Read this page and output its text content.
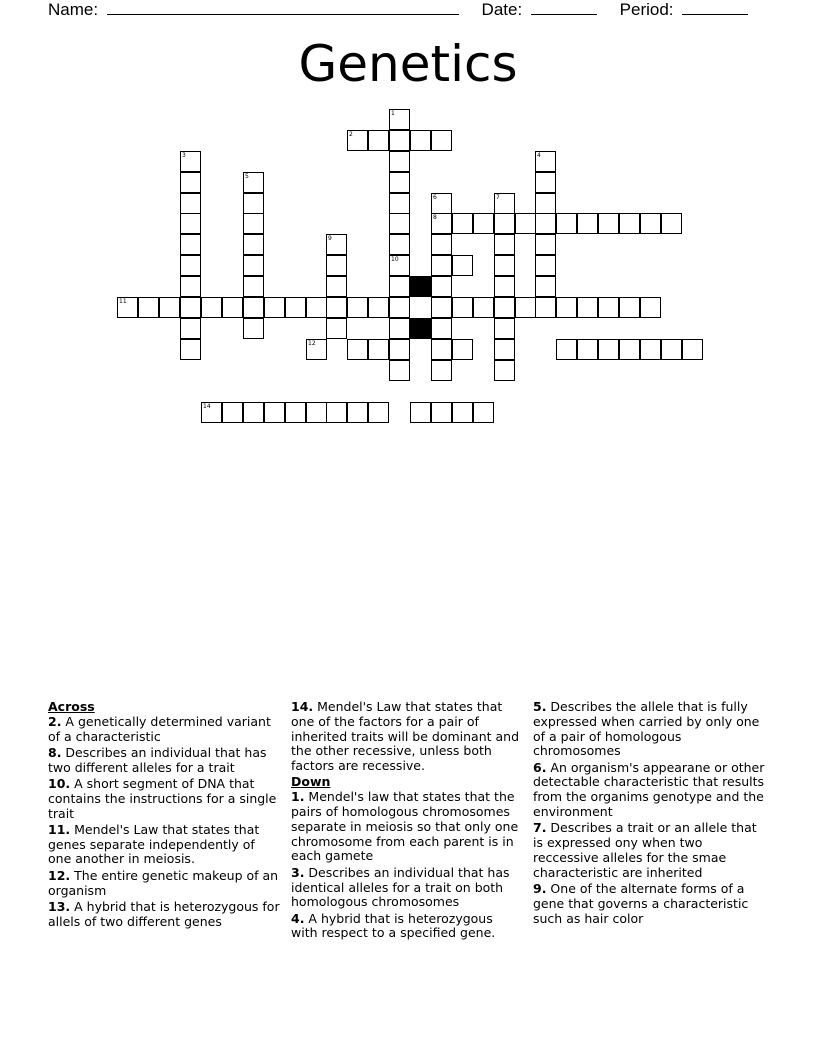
Name:	Date:	Period:
Genetics
1
10
2
3	4
5
6
8
7
9
11
12
14
Across
2. A genetically determined variant of a characteristic
8. Describes an individual that has two different alleles for a trait
10. A short segment of DNA that contains the instructions for a single trait
11. Mendel's Law that states that genes separate independently of one another in meiosis.
12. The entire genetic makeup of an organism
13. A hybrid that is heterozygous for allels of two different genes
14. Mendel's Law that states that one of the factors for a pair of inherited traits will be dominant and the other recessive, unless both factors are recessive.
Down
1. Mendel's law that states that the pairs of homologous chromosomes separate in meiosis so that only one chromosome from each parent is in each gamete
3. Describes an individual that has identical alleles for a trait on both homologous chromosomes
4. A hybrid that is heterozygous with respect to a specified gene.
5. Describes the allele that is fully expressed when carried by only one of a pair of homologous chromosomes
6. An organism's appearane or other detectable characteristic that results from the organims genotype and the environment
7. Describes a trait or an allele that is expressed ony when two reccessive alleles for the smae characteristic are inherited
9. One of the alternate forms of a gene that governs a characteristic such as hair color
